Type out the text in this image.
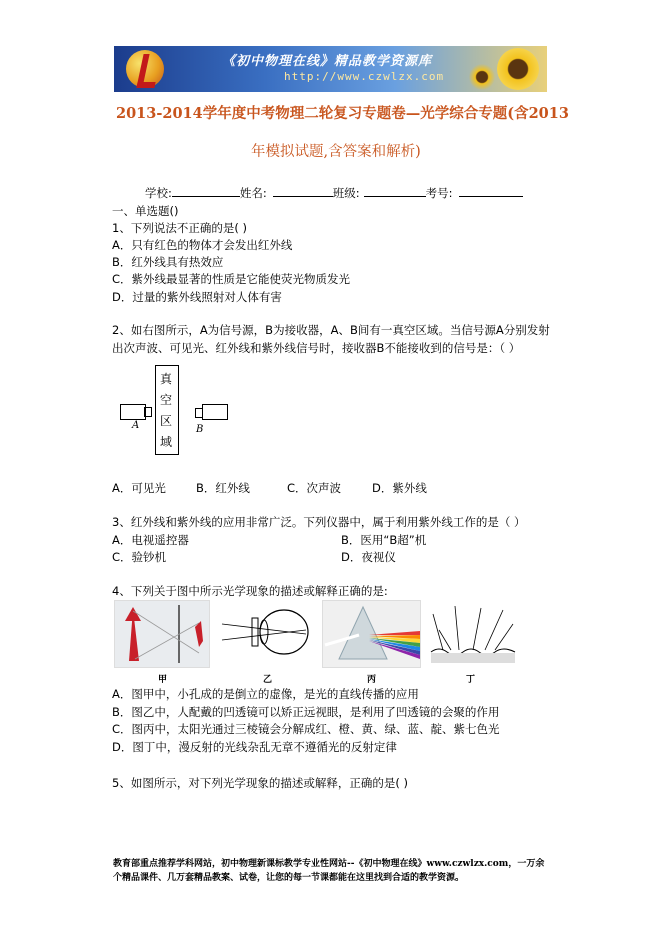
《初中物理在线》精品教学资源库
http://www.czwlzx.com
2013-2014学年度中考物理二轮复习专题卷—光学综合专题(含2013
年模拟试题,含答案和解析)
学校:	姓名:	班级:	考号:
一、单选题()
1、下列说法不正确的是( )
A．只有红色的物体才会发出红外线
B．红外线具有热效应
C．紫外线最显著的性质是它能使荧光物质发光
D．过量的紫外线照射对人体有害
2、如右图所示，A为信号源，B为接收器，A、B间有一真空区域。当信号源A分别发射
出次声波、可见光、红外线和紫外线信号时，接收器B不能接收到的信号是：（ ）
A
真
空
区
域
B
A．可见光	B．红外线	C．次声波	D．紫外线
3、红外线和紫外线的应用非常广泛。下列仪器中，属于利用紫外线工作的是（ ）
A．电视遥控器	B．医用“B超”机
C．验钞机	D．夜视仪
4、下列关于图中所示光学现象的描述或解释正确的是:
甲	乙	丙	丁
A．图甲中，小孔成的是倒立的虚像，是光的直线传播的应用
B．图乙中，人配戴的凹透镜可以矫正远视眼，是利用了凹透镜的会聚的作用
C．图丙中，太阳光通过三棱镜会分解成红、橙、黄、绿、蓝、靛、紫七色光
D．图丁中，漫反射的光线杂乱无章不遵循光的反射定律
5、如图所示，对下列光学现象的描述或解释，正确的是( )
教育部重点推荐学科网站，初中物理新课标教学专业性网站--《初中物理在线》www.czwlzx.com，一万余
个精品课件、几万套精品教案、试卷，让您的每一节课都能在这里找到合适的教学资源。
